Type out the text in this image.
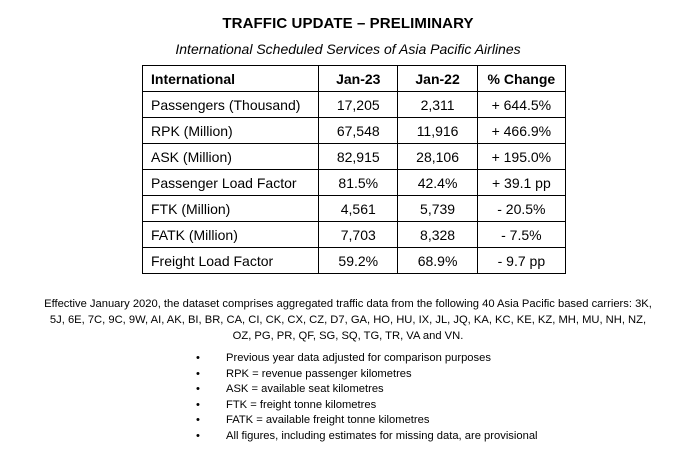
TRAFFIC UPDATE – PRELIMINARY
International Scheduled Services of Asia Pacific Airlines
International	Jan-23	Jan-22	% Change
Passengers (Thousand)	17,205	2,311	+ 644.5%
RPK (Million)	67,548	11,916	+ 466.9%
ASK (Million)	82,915	28,106	+ 195.0%
Passenger Load Factor	81.5%	42.4%	+ 39.1 pp
FTK (Million)	4,561	5,739	- 20.5%
FATK (Million)	7,703	8,328	- 7.5%
Freight Load Factor	59.2%	68.9%	- 9.7 pp
Effective January 2020, the dataset comprises aggregated traffic data from the following 40 Asia Pacific based carriers: 3K,
5J, 6E, 7C, 9C, 9W, AI, AK, BI, BR, CA, CI, CK, CX, CZ, D7, GA, HO, HU, IX, JL, JQ, KA, KC, KE, KZ, MH, MU, NH, NZ,
OZ, PG, PR, QF, SG, SQ, TG, TR, VA and VN.
• Previous year data adjusted for comparison purposes
• RPK = revenue passenger kilometres
• ASK = available seat kilometres
• FTK = freight tonne kilometres
• FATK = available freight tonne kilometres
• All figures, including estimates for missing data, are provisional
